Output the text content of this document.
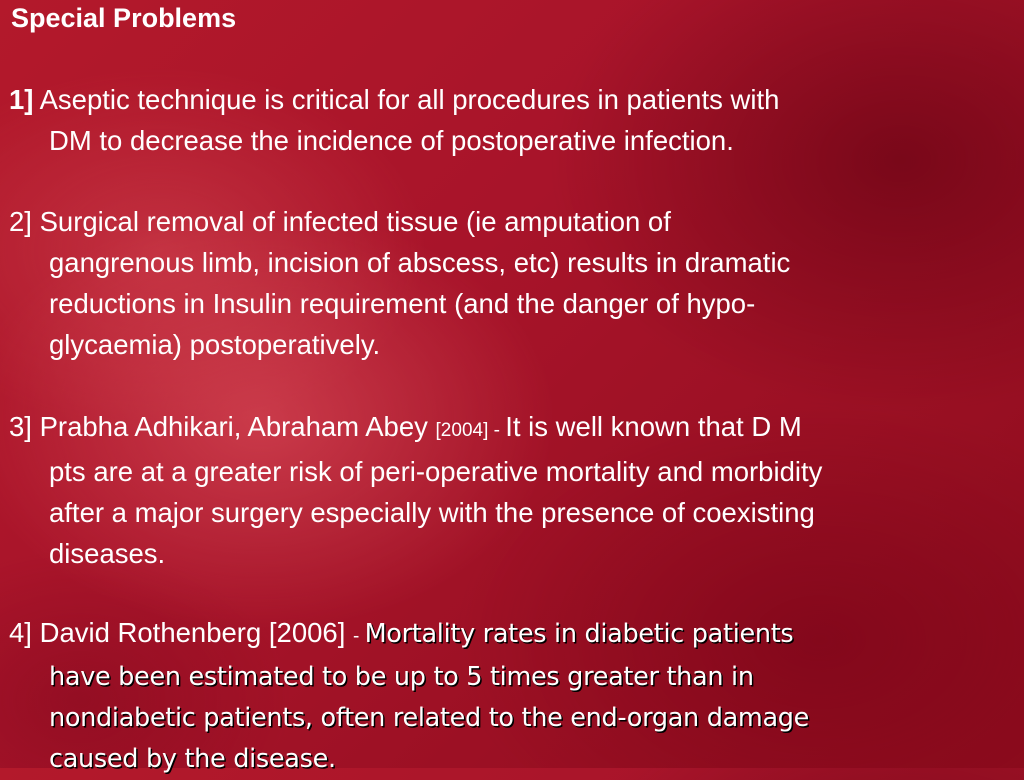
Special Problems
1] Aseptic technique is critical for all procedures in patients with
DM to decrease the incidence of postoperative infection.
2] Surgical removal of infected tissue (ie amputation of
gangrenous limb, incision of abscess, etc) results in dramatic
reductions in Insulin requirement (and the danger of hypo-
glycaemia) postoperatively.
3] Prabha Adhikari, Abraham Abey [2004] - It is well known that D M
pts are at a greater risk of peri-operative mortality and morbidity
after a major surgery especially with the presence of coexisting
diseases.
4] David Rothenberg [2006] - Mortality rates in diabetic patients
have been estimated to be up to 5 times greater than in
nondiabetic patients, often related to the end-organ damage
caused by the disease.
